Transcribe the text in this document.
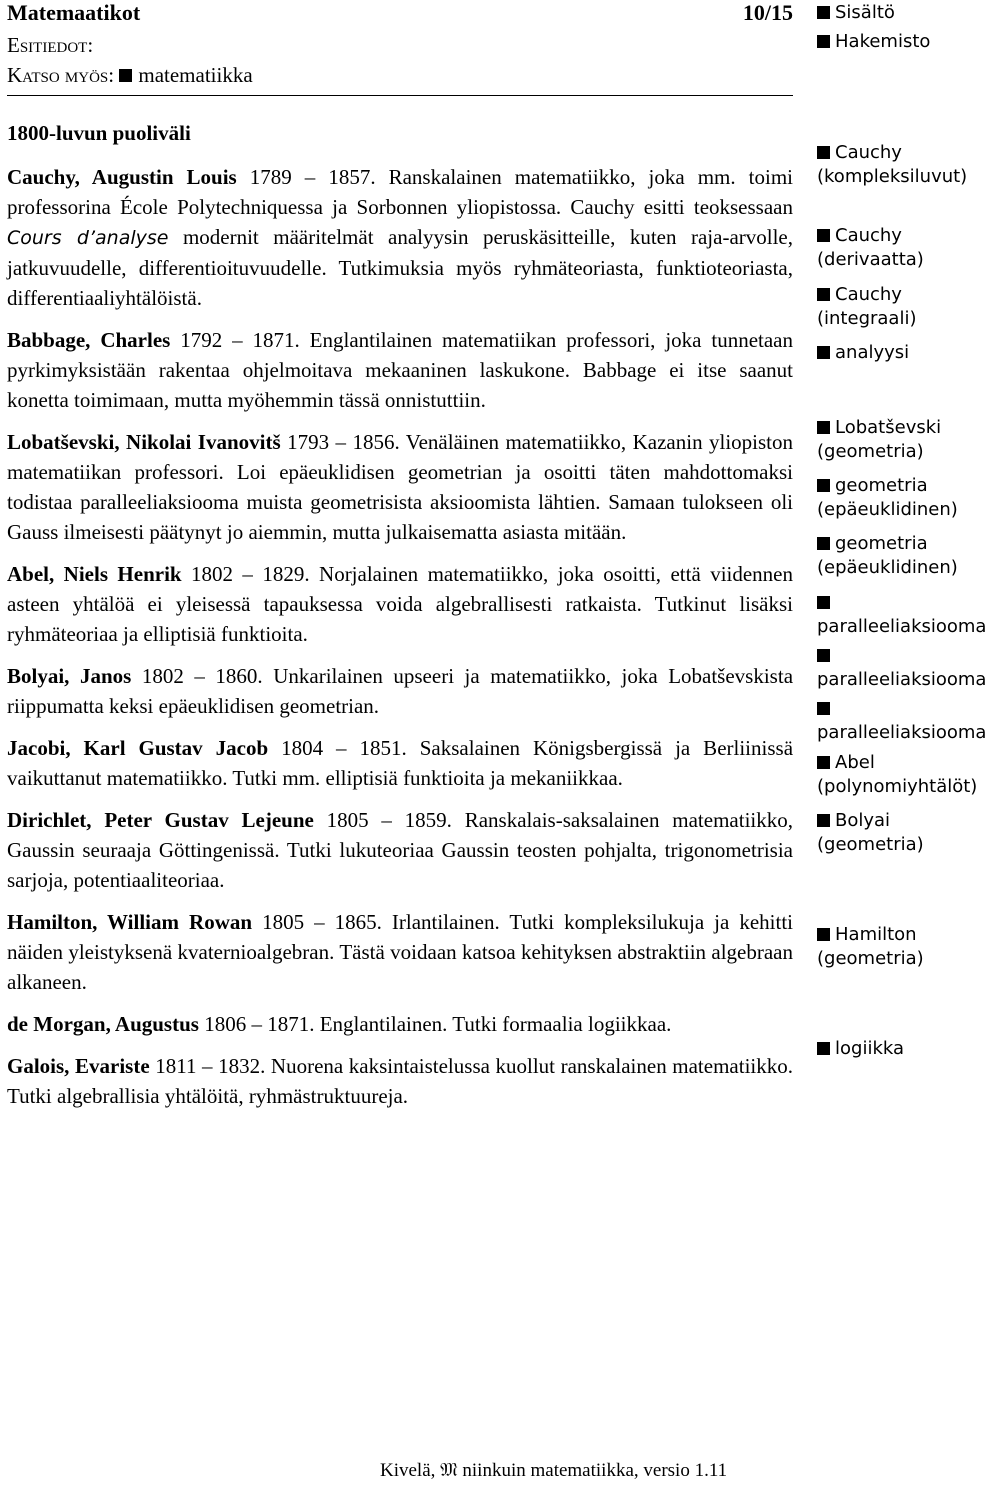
Matemaatikot	10/15
Esitiedot:
Katso myös: matematiikka
1800-luvun puoliväli

Cauchy, Augustin Louis 1789 – 1857. Ranskalainen matematiikko, joka mm. toimi professorina École Polytechniquessa ja Sorbonnen yliopistossa. Cauchy esitti teoksessaan Cours d’analyse modernit määritelmät analyysin peruskäsitteille, kuten raja-arvolle, jatkuvuudelle, differentioituvuudelle. Tutkimuksia myös ryhmäteoriasta, funktioteoriasta, differentiaaliyhtälöistä.

Babbage, Charles 1792 – 1871. Englantilainen matematiikan professori, joka tunnetaan pyrkimyksistään rakentaa ohjelmoitava mekaaninen laskukone. Babbage ei itse saanut konetta toimimaan, mutta myöhemmin tässä onnistuttiin.

Lobatševski, Nikolai Ivanovitš 1793 – 1856. Venäläinen matematiikko, Kazanin yliopiston matematiikan professori. Loi epäeuklidisen geometrian ja osoitti täten mahdottomaksi todistaa paralleeliaksiooma muista geometrisista aksioomista lähtien. Samaan tulokseen oli Gauss ilmeisesti päätynyt jo aiemmin, mutta julkaisematta asiasta mitään.

Abel, Niels Henrik 1802 – 1829. Norjalainen matematiikko, joka osoitti, että viidennen asteen yhtälöä ei yleisessä tapauksessa voida algebrallisesti ratkaista. Tutkinut lisäksi ryhmäteoriaa ja elliptisiä funktioita.

Bolyai, Janos 1802 – 1860. Unkarilainen upseeri ja matematiikko, joka Lobatševskista riippumatta keksi epäeuklidisen geometrian.

Jacobi, Karl Gustav Jacob 1804 – 1851. Saksalainen Königsbergissä ja Berliinissä vaikuttanut matematiikko. Tutki mm. elliptisiä funktioita ja mekaniikkaa.

Dirichlet, Peter Gustav Lejeune 1805 – 1859. Ranskalais-saksalainen matematiikko, Gaussin seuraaja Göttingenissä. Tutki lukuteoriaa Gaussin teosten pohjalta, trigonometrisia sarjoja, potentiaaliteoriaa.

Hamilton, William Rowan 1805 – 1865. Irlantilainen. Tutki kompleksilukuja ja kehitti näiden yleistyksenä kvaternioalgebran. Tästä voidaan katsoa kehityksen abstraktiin algebraan alkaneen.

de Morgan, Augustus 1806 – 1871. Englantilainen. Tutki formaalia logiikkaa.

Galois, Evariste 1811 – 1832. Nuorena kaksintaistelussa kuollut ranskalainen matematiikko. Tutki algebrallisia yhtälöitä, ryhmästruktuureja.

Sisältö
Hakemisto
Cauchy (kompleksiluvut)
Cauchy (derivaatta)
Cauchy (integraali)
analyysi
Lobatševski (geometria)
geometria (epäeuklidinen)
geometria (epäeuklidinen)
paralleeliaksiooma
paralleeliaksiooma
paralleeliaksiooma
Abel (polynomiyhtälöt)
Bolyai (geometria)
Hamilton (geometria)
logiikka
Kivelä, 𝔐 niinkuin matematiikka, versio 1.11
